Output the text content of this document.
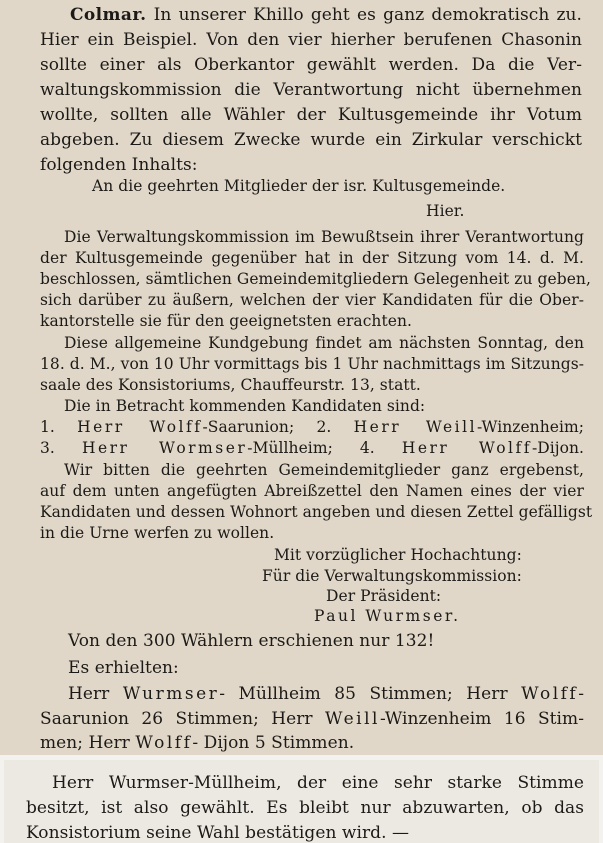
Colmar. In unserer Khillo geht es ganz demokratisch zu.
Hier ein Beispiel. Von den vier hierher berufenen Chasonin
sollte einer als Oberkantor gewählt werden. Da die Ver-
waltungskommission die Verantwortung nicht übernehmen
wollte, sollten alle Wähler der Kultusgemeinde ihr Votum
abgeben. Zu diesem Zwecke wurde ein Zirkular verschickt
folgenden Inhalts:
An die geehrten Mitglieder der isr. Kultusgemeinde.
Hier.
Die Verwaltungskommission im Bewußtsein ihrer Verantwortung
der Kultusgemeinde gegenüber hat in der Sitzung vom 14. d. M.
beschlossen, sämtlichen Gemeindemitgliedern Gelegenheit zu geben,
sich darüber zu äußern, welchen der vier Kandidaten für die Ober-
kantorstelle sie für den geeignetsten erachten.
Diese allgemeine Kundgebung findet am nächsten Sonntag, den
18. d. M., von 10 Uhr vormittags bis 1 Uhr nachmittags im Sitzungs-
saale des Konsistoriums, Chauffeurstr. 13, statt.
Die in Betracht kommenden Kandidaten sind:
1. Herr Wolff-Saarunion; 2. Herr Weill-Winzenheim;
3. Herr Wormser-Müllheim; 4. Herr Wolff-Dijon.
Wir bitten die geehrten Gemeindemitglieder ganz ergebenst,
auf dem unten angefügten Abreißzettel den Namen eines der vier
Kandidaten und dessen Wohnort angeben und diesen Zettel gefälligst
in die Urne werfen zu wollen.
Mit vorzüglicher Hochachtung:
Für die Verwaltungskommission:
Der Präsident:
Paul Wurmser.
Von den 300 Wählern erschienen nur 132!
Es erhielten:
Herr Wurmser- Müllheim 85 Stimmen; Herr Wolff-
Saarunion 26 Stimmen; Herr Weill-Winzenheim 16 Stim-
men; Herr Wolff- Dijon 5 Stimmen.
Herr Wurmser-Müllheim, der eine sehr starke Stimme
besitzt, ist also gewählt. Es bleibt nur abzuwarten, ob das
Konsistorium seine Wahl bestätigen wird. —
